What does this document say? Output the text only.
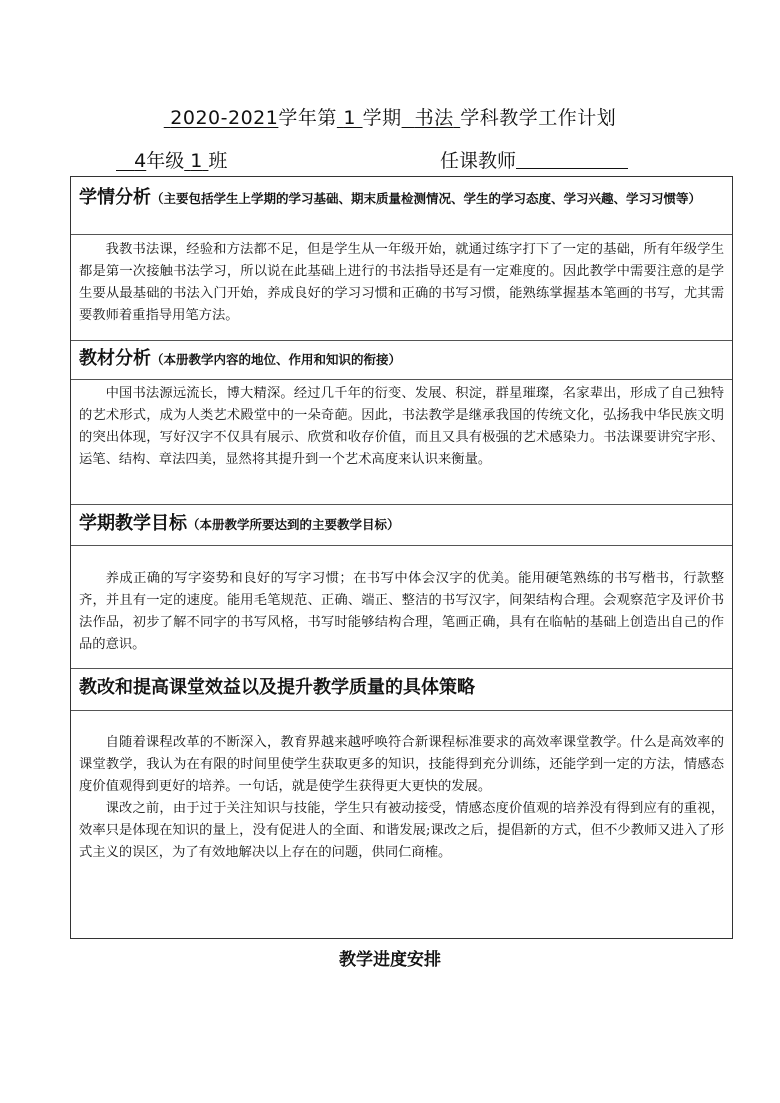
2020-2021学年第 1 学期 书法 学科教学工作计划
4年级 1 班	任课教师
学情分析（主要包括学生上学期的学习基础、期末质量检测情况、学生的学习态度、学习兴趣、学习习惯等）

我教书法课，经验和方法都不足，但是学生从一年级开始，就通过练字打下了一定的基础，所有年级学生都是第一次接触书法学习，所以说在此基础上进行的书法指导还是有一定难度的。因此教学中需要注意的是学生要从最基础的书法入门开始，养成良好的学习习惯和正确的书写习惯，能熟练掌握基本笔画的书写，尤其需要教师着重指导用笔方法。

教材分析（本册教学内容的地位、作用和知识的衔接）

中国书法源远流长，博大精深。经过几千年的衍变、发展、积淀，群星璀璨，名家辈出，形成了自己独特的艺术形式，成为人类艺术殿堂中的一朵奇葩。因此，书法教学是继承我国的传统文化，弘扬我中华民族文明的突出体现，写好汉字不仅具有展示、欣赏和收存价值，而且又具有极强的艺术感染力。书法课要讲究字形、运笔、结构、章法四美，显然将其提升到一个艺术高度来认识来衡量。

学期教学目标（本册教学所要达到的主要教学目标）

养成正确的写字姿势和良好的写字习惯；在书写中体会汉字的优美。能用硬笔熟练的书写楷书，行款整齐，并且有一定的速度。能用毛笔规范、正确、端正、整洁的书写汉字，间架结构合理。会观察范字及评价书法作品，初步了解不同字的书写风格，书写时能够结构合理，笔画正确，具有在临帖的基础上创造出自己的作品的意识。

教改和提高课堂效益以及提升教学质量的具体策略

自随着课程改革的不断深入，教育界越来越呼唤符合新课程标准要求的高效率课堂教学。什么是高效率的课堂教学，我认为在有限的时间里使学生获取更多的知识，技能得到充分训练，还能学到一定的方法，情感态度价值观得到更好的培养。一句话，就是使学生获得更大更快的发展。

课改之前，由于过于关注知识与技能，学生只有被动接受，情感态度价值观的培养没有得到应有的重视，效率只是体现在知识的量上，没有促进人的全面、和谐发展;课改之后，提倡新的方式，但不少教师又进入了形式主义的误区，为了有效地解决以上存在的问题，供同仁商榷。

教学进度安排
